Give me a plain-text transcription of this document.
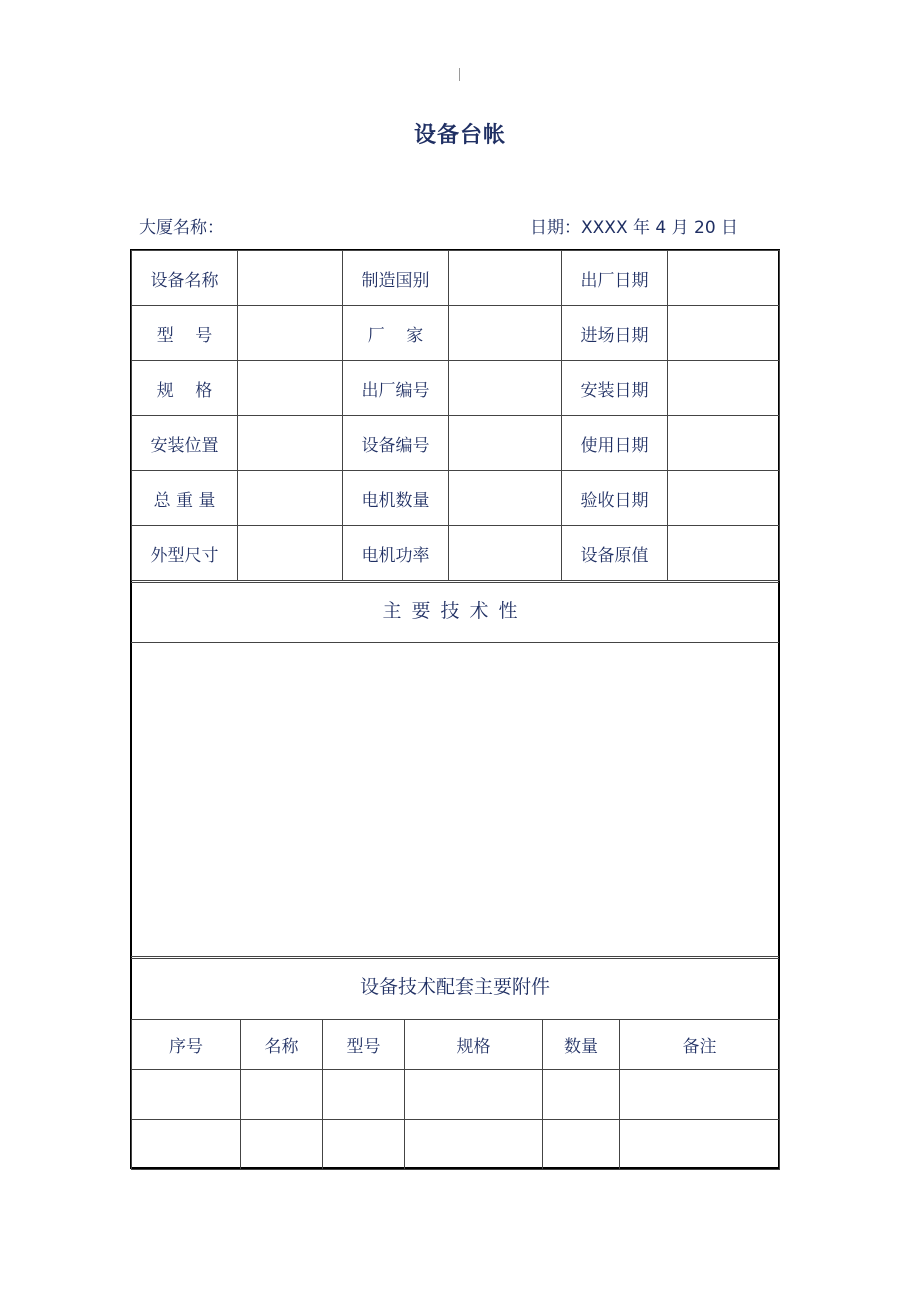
设备台帐
大厦名称：	日期：XXXX 年 4 月 20 日
设备名称		制造国别		出厂日期	
型    号		厂    家		进场日期	
规    格		出厂编号		安装日期	
安装位置		设备编号		使用日期	
总 重 量		电机数量		验收日期	
外型尺寸		电机功率		设备原值	
主要技术性
设备技术配套主要附件
序号	名称	型号	规格	数量	备注
